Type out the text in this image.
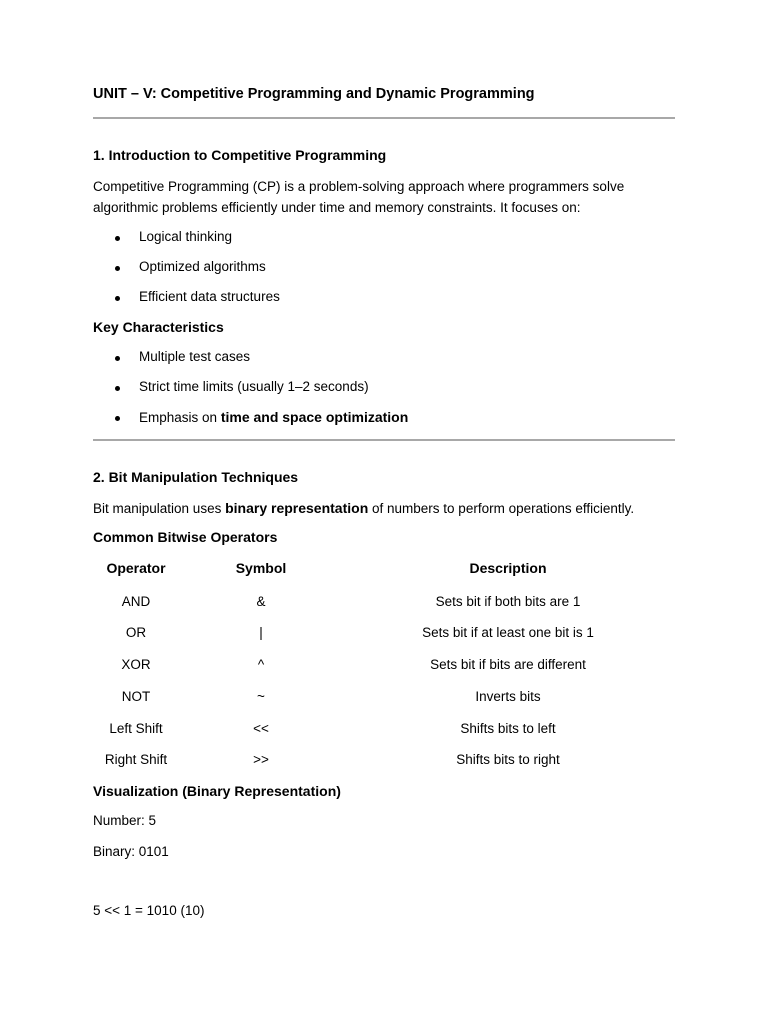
UNIT – V: Competitive Programming and Dynamic Programming
1. Introduction to Competitive Programming
Competitive Programming (CP) is a problem-solving approach where programmers solve
algorithmic problems efficiently under time and memory constraints. It focuses on:
Logical thinking
Optimized algorithms
Efficient data structures
Key Characteristics
Multiple test cases
Strict time limits (usually 1–2 seconds)
Emphasis on time and space optimization
2. Bit Manipulation Techniques
Bit manipulation uses binary representation of numbers to perform operations efficiently.
Common Bitwise Operators
Operator	Symbol	Description
AND	&	Sets bit if both bits are 1
OR	|	Sets bit if at least one bit is 1
XOR	^	Sets bit if bits are different
NOT	~	Inverts bits
Left Shift	<<	Shifts bits to left
Right Shift	>>	Shifts bits to right
Visualization (Binary Representation)
Number: 5
Binary: 0101
5 << 1 = 1010 (10)
